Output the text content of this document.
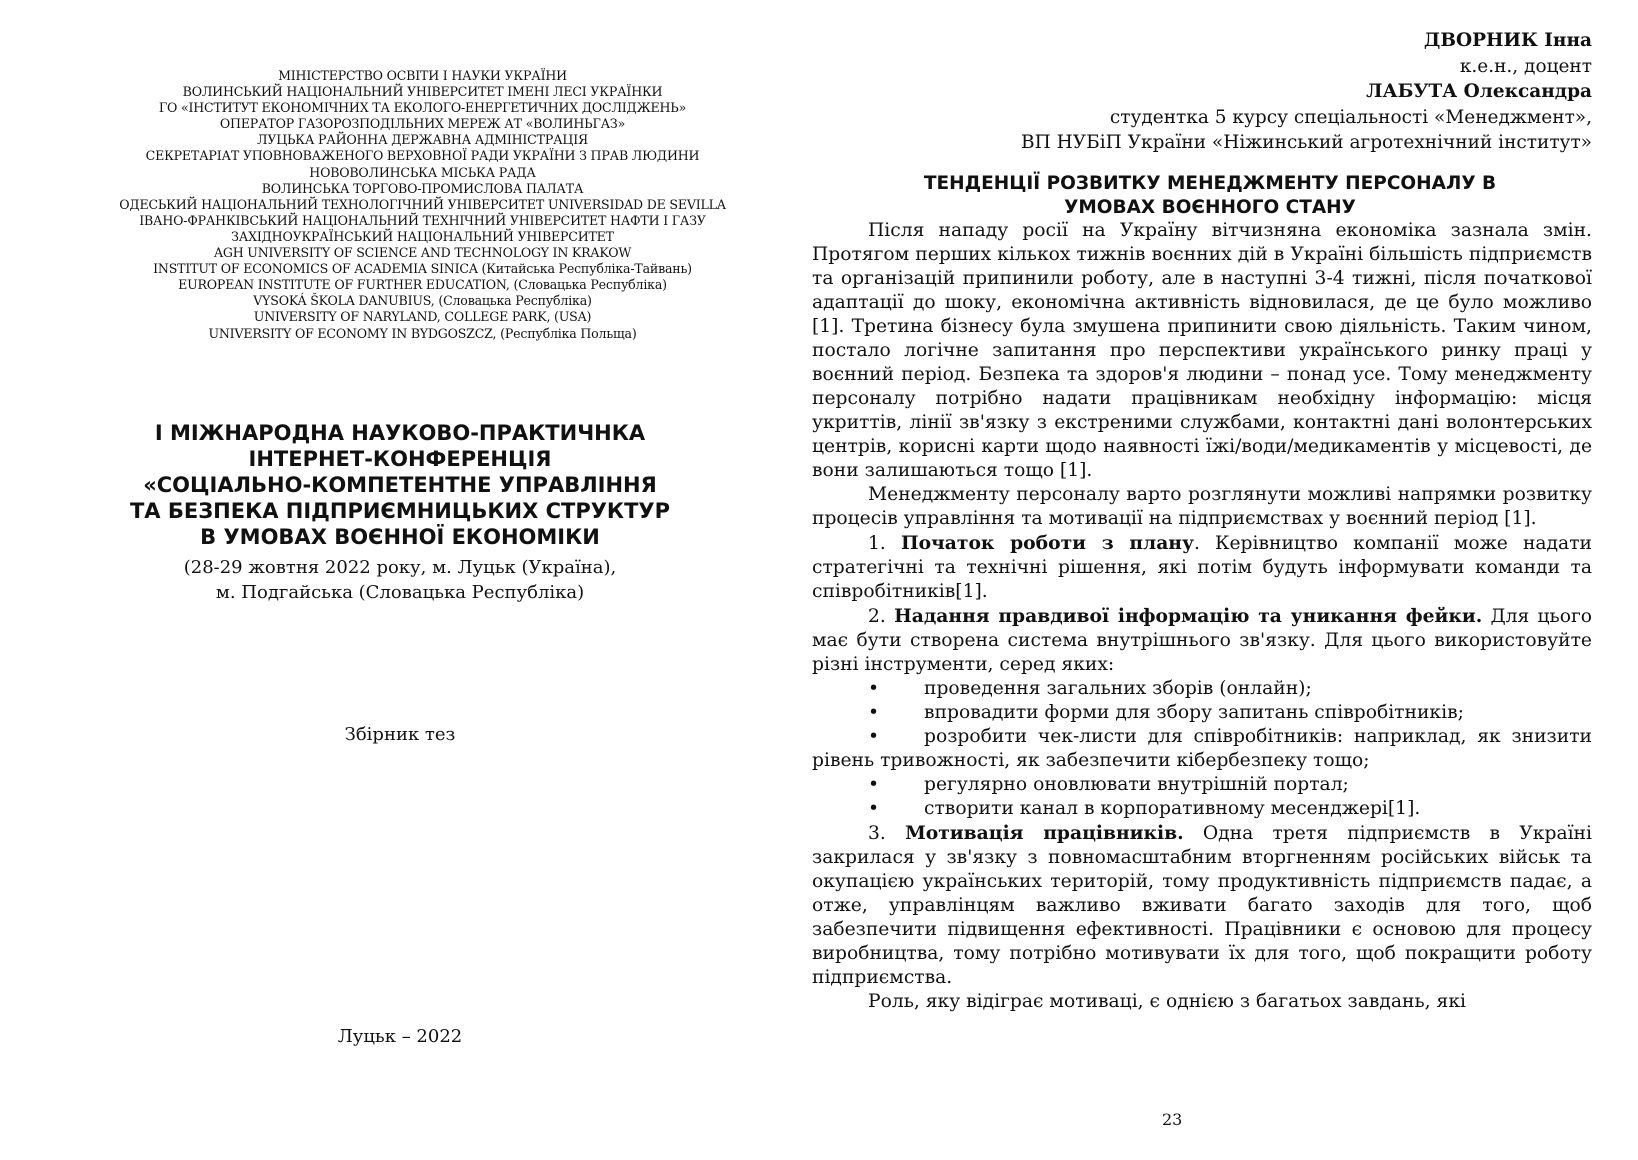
МІНІСТЕРСТВО ОСВІТИ І НАУКИ УКРАЇНИ
ВОЛИНСЬКИЙ НАЦІОНАЛЬНИЙ УНІВЕРСИТЕТ ІМЕНІ ЛЕСІ УКРАЇНКИ
ГО «ІНСТИТУТ ЕКОНОМІЧНИХ ТА ЕКОЛОГО-ЕНЕРГЕТИЧНИХ ДОСЛІДЖЕНЬ»
ОПЕРАТОР ГАЗОРОЗПОДІЛЬНИХ МЕРЕЖ АТ «ВОЛИНЬГАЗ»
ЛУЦЬКА РАЙОННА ДЕРЖАВНА АДМІНІСТРАЦІЯ
СЕКРЕТАРІАТ УПОВНОВАЖЕНОГО ВЕРХОВНОЇ РАДИ УКРАЇНИ З ПРАВ ЛЮДИНИ
НОВОВОЛИНСЬКА МІСЬКА РАДА
ВОЛИНСЬКА ТОРГОВО-ПРОМИСЛОВА ПАЛАТА
ОДЕСЬКИЙ НАЦІОНАЛЬНИЙ ТЕХНОЛОГІЧНИЙ УНІВЕРСИТЕТ UNIVERSIDAD DE SEVILLA
ІВАНО-ФРАНКІВСЬКИЙ НАЦІОНАЛЬНИЙ ТЕХНІЧНИЙ УНІВЕРСИТЕТ НАФТИ І ГАЗУ
ЗАХІДНОУКРАЇНСЬКИЙ НАЦІОНАЛЬНИЙ УНІВЕРСИТЕТ
AGH UNIVERSITY OF SCIENCE AND TECHNOLOGY IN KRAKOW
INSTITUT OF ECONOMICS OF ACADEMIA SINICA (Китайська Республіка-Тайвань)
EUROPEAN INSTITUTE OF FURTHER EDUCATION, (Словацька Республіка)
VYSOKÁ ŠKOLA DANUBIUS, (Словацька Республіка)
UNIVERSITY OF NARYLAND, COLLEGE PARK, (USA)
UNIVERSITY OF ECONOMY IN BYDGOSZCZ, (Республіка Польща)
І МІЖНАРОДНА НАУКОВО-ПРАКТИЧНКА
ІНТЕРНЕТ-КОНФЕРЕНЦІЯ
«СОЦІАЛЬНО-КОМПЕТЕНТНЕ УПРАВЛІННЯ
ТА БЕЗПЕКА ПІДПРИЄМНИЦЬКИХ СТРУКТУР
В УМОВАХ ВОЄННОЇ ЕКОНОМІКИ
(28-29 жовтня 2022 року, м. Луцьк (Україна),
м. Подгайська (Словацька Республіка)
Збірник тез
Луцьк – 2022
ДВОРНИК Інна
к.е.н., доцент
ЛАБУТА Олександра
студентка 5 курсу спеціальності «Менеджмент»,
ВП НУБіП України «Ніжинський агротехнічний інститут»
ТЕНДЕНЦІЇ РОЗВИТКУ МЕНЕДЖМЕНТУ ПЕРСОНАЛУ В
УМОВАХ ВОЄННОГО СТАНУ

Після нападу росії на Україну вітчизняна економіка зазнала змін. Протягом перших кількох тижнів воєнних дій в Україні більшість підприємств та організацій припинили роботу, але в наступні 3-4 тижні, після початкової адаптації до шоку, економічна активність відновилася, де це було можливо [1]. Третина бізнесу була змушена припинити свою діяльність. Таким чином, постало логічне запитання про перспективи українського ринку праці у воєнний період. Безпека та здоров'я людини – понад усе. Тому менеджменту персоналу потрібно надати працівникам необхідну інформацію: місця укриттів, лінії зв'язку з екстреними службами, контактні дані волонтерських центрів, корисні карти щодо наявності їжі/води/медикаментів у місцевості, де вони залишаються тощо [1].

Менеджменту персоналу варто розглянути можливі напрямки розвитку процесів управління та мотивації на підприємствах у воєнний період [1].

1. Початок роботи з плану. Керівництво компанії може надати стратегічні та технічні рішення, які потім будуть інформувати команди та співробітників[1].

2. Надання правдивої інформацію та уникання фейки. Для цього має бути створена система внутрішнього зв'язку. Для цього використовуйте різні інструменти, серед яких:

• проведення загальних зборів (онлайн);
• впровадити форми для збору запитань співробітників;
• розробити чек-листи для співробітників: наприклад, як знизити рівень тривожності, як забезпечити кібербезпеку тощо;
• регулярно оновлювати внутрішній портал;
• створити канал в корпоративному месенджері[1].

3. Мотивація працівників. Одна третя підприємств в Україні закрилася у зв'язку з повномасштабним вторгненням російських військ та окупацією українських територій, тому продуктивність підприємств падає, а отже, управлінцям важливо вживати багато заходів для того, щоб забезпечити підвищення ефективності. Працівники є основою для процесу виробництва, тому потрібно мотивувати їх для того, щоб покращити роботу підприємства.

Роль, яку відіграє мотиваці, є однією з багатьох завдань, які

23
